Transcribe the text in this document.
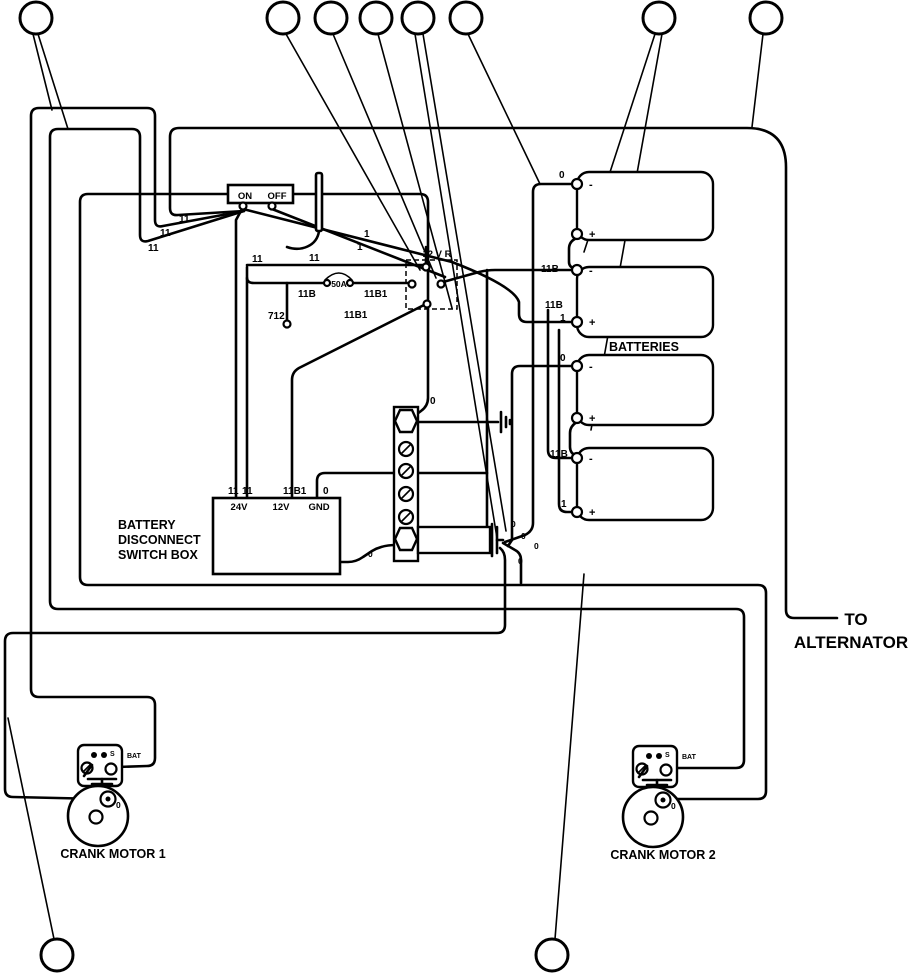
ON OFF
50A
12 V R
24V	12V GND
BATTERY
DISCONNECT
SWITCH BOX
-
+
-
+
-
+
-
+
BATTERIES
TO
ALTERNATOR
S BAT
0
CRANK MOTOR 1
S BAT
0
CRANK MOTOR 2
11
11
11
1
1
11	11
11B	11B1
712	11B1
0
11B
11B
1
0
11B
1
0
11 11	11B1 0
0
0
0
0
0
